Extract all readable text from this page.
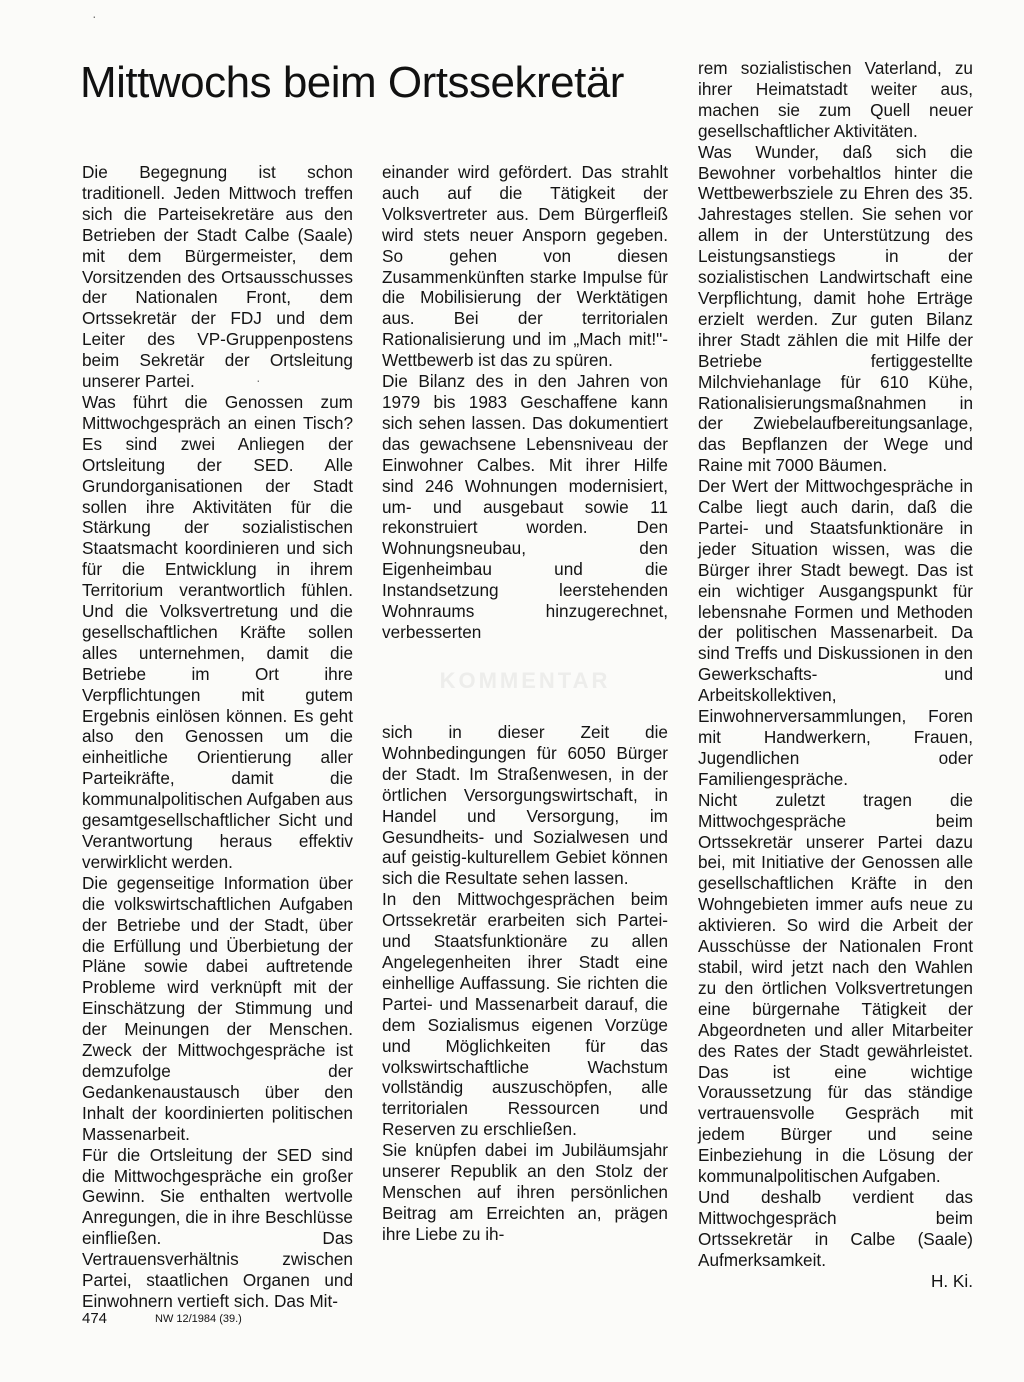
Mittwochs beim Ortssekretär

Die Begegnung ist schon traditionell. Jeden Mittwoch treffen sich die Parteisekretäre aus den Betrieben der Stadt Calbe (Saale) mit dem Bürgermeister, dem Vorsitzenden des Ortsausschusses der Nationalen Front, dem Ortssekretär der FDJ und dem Leiter des VP-Gruppenpostens beim Sekretär der Ortsleitung unserer Partei.

Was führt die Genossen zum Mittwochgespräch an einen Tisch? Es sind zwei Anliegen der Ortsleitung der SED. Alle Grundorganisationen der Stadt sollen ihre Aktivitäten für die Stärkung der sozialistischen Staatsmacht koordinieren und sich für die Entwicklung in ihrem Territorium verantwortlich fühlen. Und die Volksvertretung und die gesellschaftlichen Kräfte sollen alles unternehmen, damit die Betriebe im Ort ihre Verpflichtungen mit gutem Ergebnis einlösen können. Es geht also den Genossen um die einheitliche Orientierung aller Parteikräfte, damit die kommunalpolitischen Aufgaben aus gesamtgesellschaftlicher Sicht und Verantwortung heraus effektiv verwirklicht werden.

Die gegenseitige Information über die volkswirtschaftlichen Aufgaben der Betriebe und der Stadt, über die Erfüllung und Überbietung der Pläne sowie dabei auftretende Probleme wird verknüpft mit der Einschätzung der Stimmung und der Meinungen der Menschen. Zweck der Mittwochgespräche ist demzufolge der Gedankenaustausch über den Inhalt der koordinierten politischen Massenarbeit.

Für die Ortsleitung der SED sind die Mittwochgespräche ein großer Gewinn. Sie enthalten wertvolle Anregungen, die in ihre Beschlüsse einfließen. Das Vertrauensverhältnis zwischen Partei, staatlichen Organen und Einwohnern vertieft sich. Das Mit-

einander wird gefördert. Das strahlt auch auf die Tätigkeit der Volksvertreter aus. Dem Bürgerfleiß wird stets neuer Ansporn gegeben. So gehen von diesen Zusammenkünften starke Impulse für die Mobilisierung der Werktätigen aus. Bei der territorialen Rationalisierung und im „Mach mit!"-Wettbewerb ist das zu spüren.

Die Bilanz des in den Jahren von 1979 bis 1983 Geschaffene kann sich sehen lassen. Das dokumentiert das gewachsene Lebensniveau der Einwohner Calbes. Mit ihrer Hilfe sind 246 Wohnungen modernisiert, um- und ausgebaut sowie 11 rekonstruiert worden. Den Wohnungsneubau, den Eigenheimbau und die Instandsetzung leerstehenden Wohnraums hinzugerechnet, verbesserten

KOMMENTAR

sich in dieser Zeit die Wohnbedingungen für 6050 Bürger der Stadt. Im Straßenwesen, in der örtlichen Versorgungswirtschaft, in Handel und Versorgung, im Gesundheits- und Sozialwesen und auf geistig-kulturellem Gebiet können sich die Resultate sehen lassen.

In den Mittwochgesprächen beim Ortssekretär erarbeiten sich Partei- und Staatsfunktionäre zu allen Angelegenheiten ihrer Stadt eine einhellige Auffassung. Sie richten die Partei- und Massenarbeit darauf, die dem Sozialismus eigenen Vorzüge und Möglichkeiten für das volkswirtschaftliche Wachstum vollständig auszuschöpfen, alle territorialen Ressourcen und Reserven zu erschließen.

Sie knüpfen dabei im Jubiläumsjahr unserer Republik an den Stolz der Menschen auf ihren persönlichen Beitrag am Erreichten an, prägen ihre Liebe zu ih-

rem sozialistischen Vaterland, zu ihrer Heimatstadt weiter aus, machen sie zum Quell neuer gesellschaftlicher Aktivitäten.

Was Wunder, daß sich die Bewohner vorbehaltlos hinter die Wettbewerbsziele zu Ehren des 35. Jahrestages stellen. Sie sehen vor allem in der Unterstützung des Leistungsanstiegs in der sozialistischen Landwirtschaft eine Verpflichtung, damit hohe Erträge erzielt werden. Zur guten Bilanz ihrer Stadt zählen die mit Hilfe der Betriebe fertiggestellte Milchviehanlage für 610 Kühe, Rationalisierungsmaßnahmen in der Zwiebelaufbereitungsanlage, das Bepflanzen der Wege und Raine mit 7000 Bäumen.

Der Wert der Mittwochgespräche in Calbe liegt auch darin, daß die Partei- und Staatsfunktionäre in jeder Situation wissen, was die Bürger ihrer Stadt bewegt. Das ist ein wichtiger Ausgangspunkt für lebensnahe Formen und Methoden der politischen Massenarbeit. Da sind Treffs und Diskussionen in den Gewerkschafts- und Arbeitskollektiven, Einwohnerversammlungen, Foren mit Handwerkern, Frauen, Jugendlichen oder Familiengespräche.

Nicht zuletzt tragen die Mittwochgespräche beim Ortssekretär unserer Partei dazu bei, mit Initiative der Genossen alle gesellschaftlichen Kräfte in den Wohngebieten immer aufs neue zu aktivieren. So wird die Arbeit der Ausschüsse der Nationalen Front stabil, wird jetzt nach den Wahlen zu den örtlichen Volksvertretungen eine bürgernahe Tätigkeit der Abgeordneten und aller Mitarbeiter des Rates der Stadt gewährleistet. Das ist eine wichtige Voraussetzung für das ständige vertrauensvolle Gespräch mit jedem Bürger und seine Einbeziehung in die Lösung der kommunalpolitischen Aufgaben.

Und deshalb verdient das Mittwochgespräch beim Ortssekretär in Calbe (Saale) Aufmerksamkeit.

H. Ki.

·
·
474	NW 12/1984 (39.)
